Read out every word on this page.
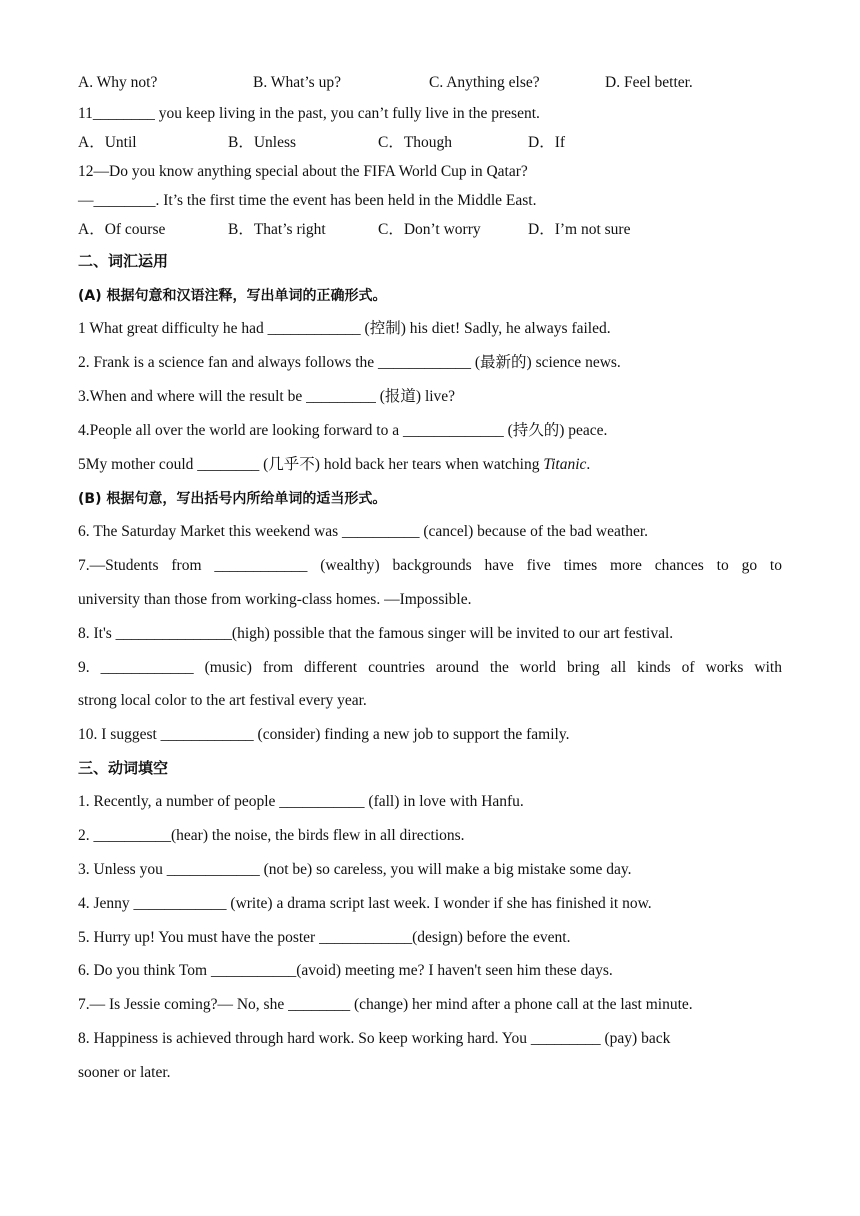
A. Why not?	B. What’s up?	C. Anything else?	D. Feel better.
11________ you keep living in the past, you can’t fully live in the present.
A．Until	B．Unless	C．Though	D．If
12—Do you know anything special about the FIFA World Cup in Qatar?
—________. It’s the first time the event has been held in the Middle East.
A．Of course	B．That’s right	C．Don’t worry	D．I’m not sure
二、词汇运用
(A) 根据句意和汉语注释，写出单词的正确形式。
1 What great difficulty he had ____________ (控制) his diet! Sadly, he always failed.
2. Frank is a science fan and always follows the ____________ (最新的) science news.
3.When and where will the result be _________ (报道) live?
4.People all over the world are looking forward to a _____________ (持久的) peace.
5My mother could ________ (几乎不) hold back her tears when watching Titanic.
(B) 根据句意，写出括号内所给单词的适当形式。
6. The Saturday Market this weekend was __________ (cancel) because of the bad weather.
7.—Students from ____________ (wealthy) backgrounds have five times more chances to go to
university than those from working-class homes. —Impossible.
8. It's _______________(high) possible that the famous singer will be invited to our art festival.
9. ____________ (music) from different countries around the world bring all kinds of works with
strong local color to the art festival every year.
10. I suggest ____________ (consider) finding a new job to support the family.
三、动词填空
1. Recently, a number of people ___________ (fall) in love with Hanfu.
2. __________(hear) the noise, the birds flew in all directions.
3. Unless you ____________ (not be) so careless, you will make a big mistake some day.
4. Jenny ____________ (write) a drama script last week. I wonder if she has finished it now.
5. Hurry up! You must have the poster ____________(design) before the event.
6. Do you think Tom ___________(avoid) meeting me? I haven't seen him these days.
7.— Is Jessie coming?— No, she ________ (change) her mind after a phone call at the last minute.
8. Happiness is achieved through hard work. So keep working hard. You _________ (pay) back
sooner or later.
